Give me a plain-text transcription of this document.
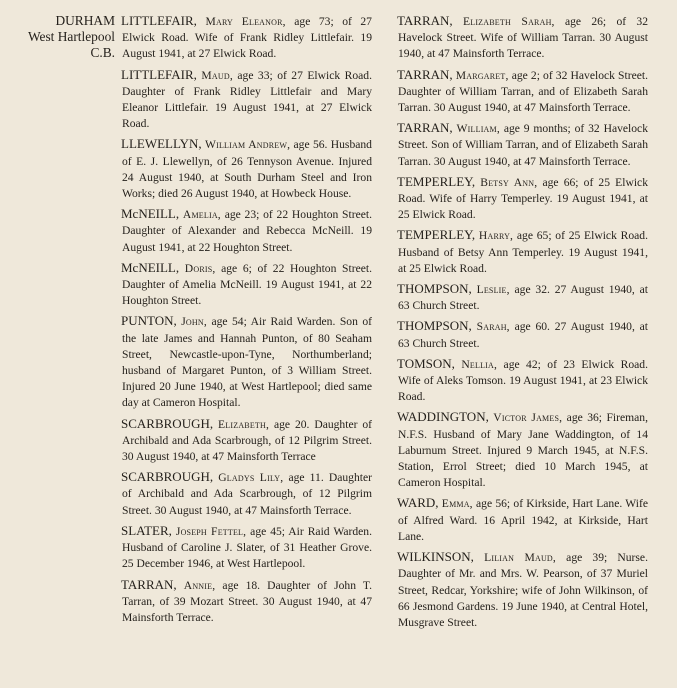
DURHAM
West Hartlepool
C.B.
LITTLEFAIR, Mary Eleanor, age 73; of 27 Elwick Road. Wife of Frank Ridley Littlefair. 19 August 1941, at 27 Elwick Road.
LITTLEFAIR, Maud, age 33; of 27 Elwick Road. Daughter of Frank Ridley Littlefair and Mary Eleanor Littlefair. 19 August 1941, at 27 Elwick Road.
LLEWELLYN, William Andrew, age 56. Husband of E. J. Llewellyn, of 26 Tennyson Avenue. Injured 24 August 1940, at South Durham Steel and Iron Works; died 26 August 1940, at Howbeck House.
McNEILL, Amelia, age 23; of 22 Houghton Street. Daughter of Alexander and Rebecca McNeill. 19 August 1941, at 22 Houghton Street.
McNEILL, Doris, age 6; of 22 Houghton Street. Daughter of Amelia McNeill. 19 August 1941, at 22 Houghton Street.
PUNTON, John, age 54; Air Raid Warden. Son of the late James and Hannah Punton, of 80 Seaham Street, Newcastle-upon-Tyne, Northumberland; husband of Margaret Punton, of 3 William Street. Injured 20 June 1940, at West Hartlepool; died same day at Cameron Hospital.
SCARBROUGH, Elizabeth, age 20. Daughter of Archibald and Ada Scarbrough, of 12 Pilgrim Street. 30 August 1940, at 47 Mainsforth Terrace
SCARBROUGH, Gladys Lily, age 11. Daughter of Archibald and Ada Scarbrough, of 12 Pilgrim Street. 30 August 1940, at 47 Mainsforth Terrace.
SLATER, Joseph Fettel, age 45; Air Raid Warden. Husband of Caroline J. Slater, of 31 Heather Grove. 25 December 1946, at West Hartlepool.
TARRAN, Annie, age 18. Daughter of John T. Tarran, of 39 Mozart Street. 30 August 1940, at 47 Mainsforth Terrace.
TARRAN, Elizabeth Sarah, age 26; of 32 Havelock Street. Wife of William Tarran. 30 August 1940, at 47 Mainsforth Terrace.
TARRAN, Margaret, age 2; of 32 Havelock Street. Daughter of William Tarran, and of Elizabeth Sarah Tarran. 30 August 1940, at 47 Mainsforth Terrace.
TARRAN, William, age 9 months; of 32 Havelock Street. Son of William Tarran, and of Elizabeth Sarah Tarran. 30 August 1940, at 47 Mainsforth Terrace.
TEMPERLEY, Betsy Ann, age 66; of 25 Elwick Road. Wife of Harry Temperley. 19 August 1941, at 25 Elwick Road.
TEMPERLEY, Harry, age 65; of 25 Elwick Road. Husband of Betsy Ann Temperley. 19 August 1941, at 25 Elwick Road.
THOMPSON, Leslie, age 32. 27 August 1940, at 63 Church Street.
THOMPSON, Sarah, age 60. 27 August 1940, at 63 Church Street.
TOMSON, Nellia, age 42; of 23 Elwick Road. Wife of Aleks Tomson. 19 August 1941, at 23 Elwick Road.
WADDINGTON, Victor James, age 36; Fireman, N.F.S. Husband of Mary Jane Waddington, of 14 Laburnum Street. Injured 9 March 1945, at N.F.S. Station, Errol Street; died 10 March 1945, at Cameron Hospital.
WARD, Emma, age 56; of Kirkside, Hart Lane. Wife of Alfred Ward. 16 April 1942, at Kirkside, Hart Lane.
WILKINSON, Lilian Maud, age 39; Nurse. Daughter of Mr. and Mrs. W. Pearson, of 37 Muriel Street, Redcar, Yorkshire; wife of John Wilkinson, of 66 Jesmond Gardens. 19 June 1940, at Central Hotel, Musgrave Street.
